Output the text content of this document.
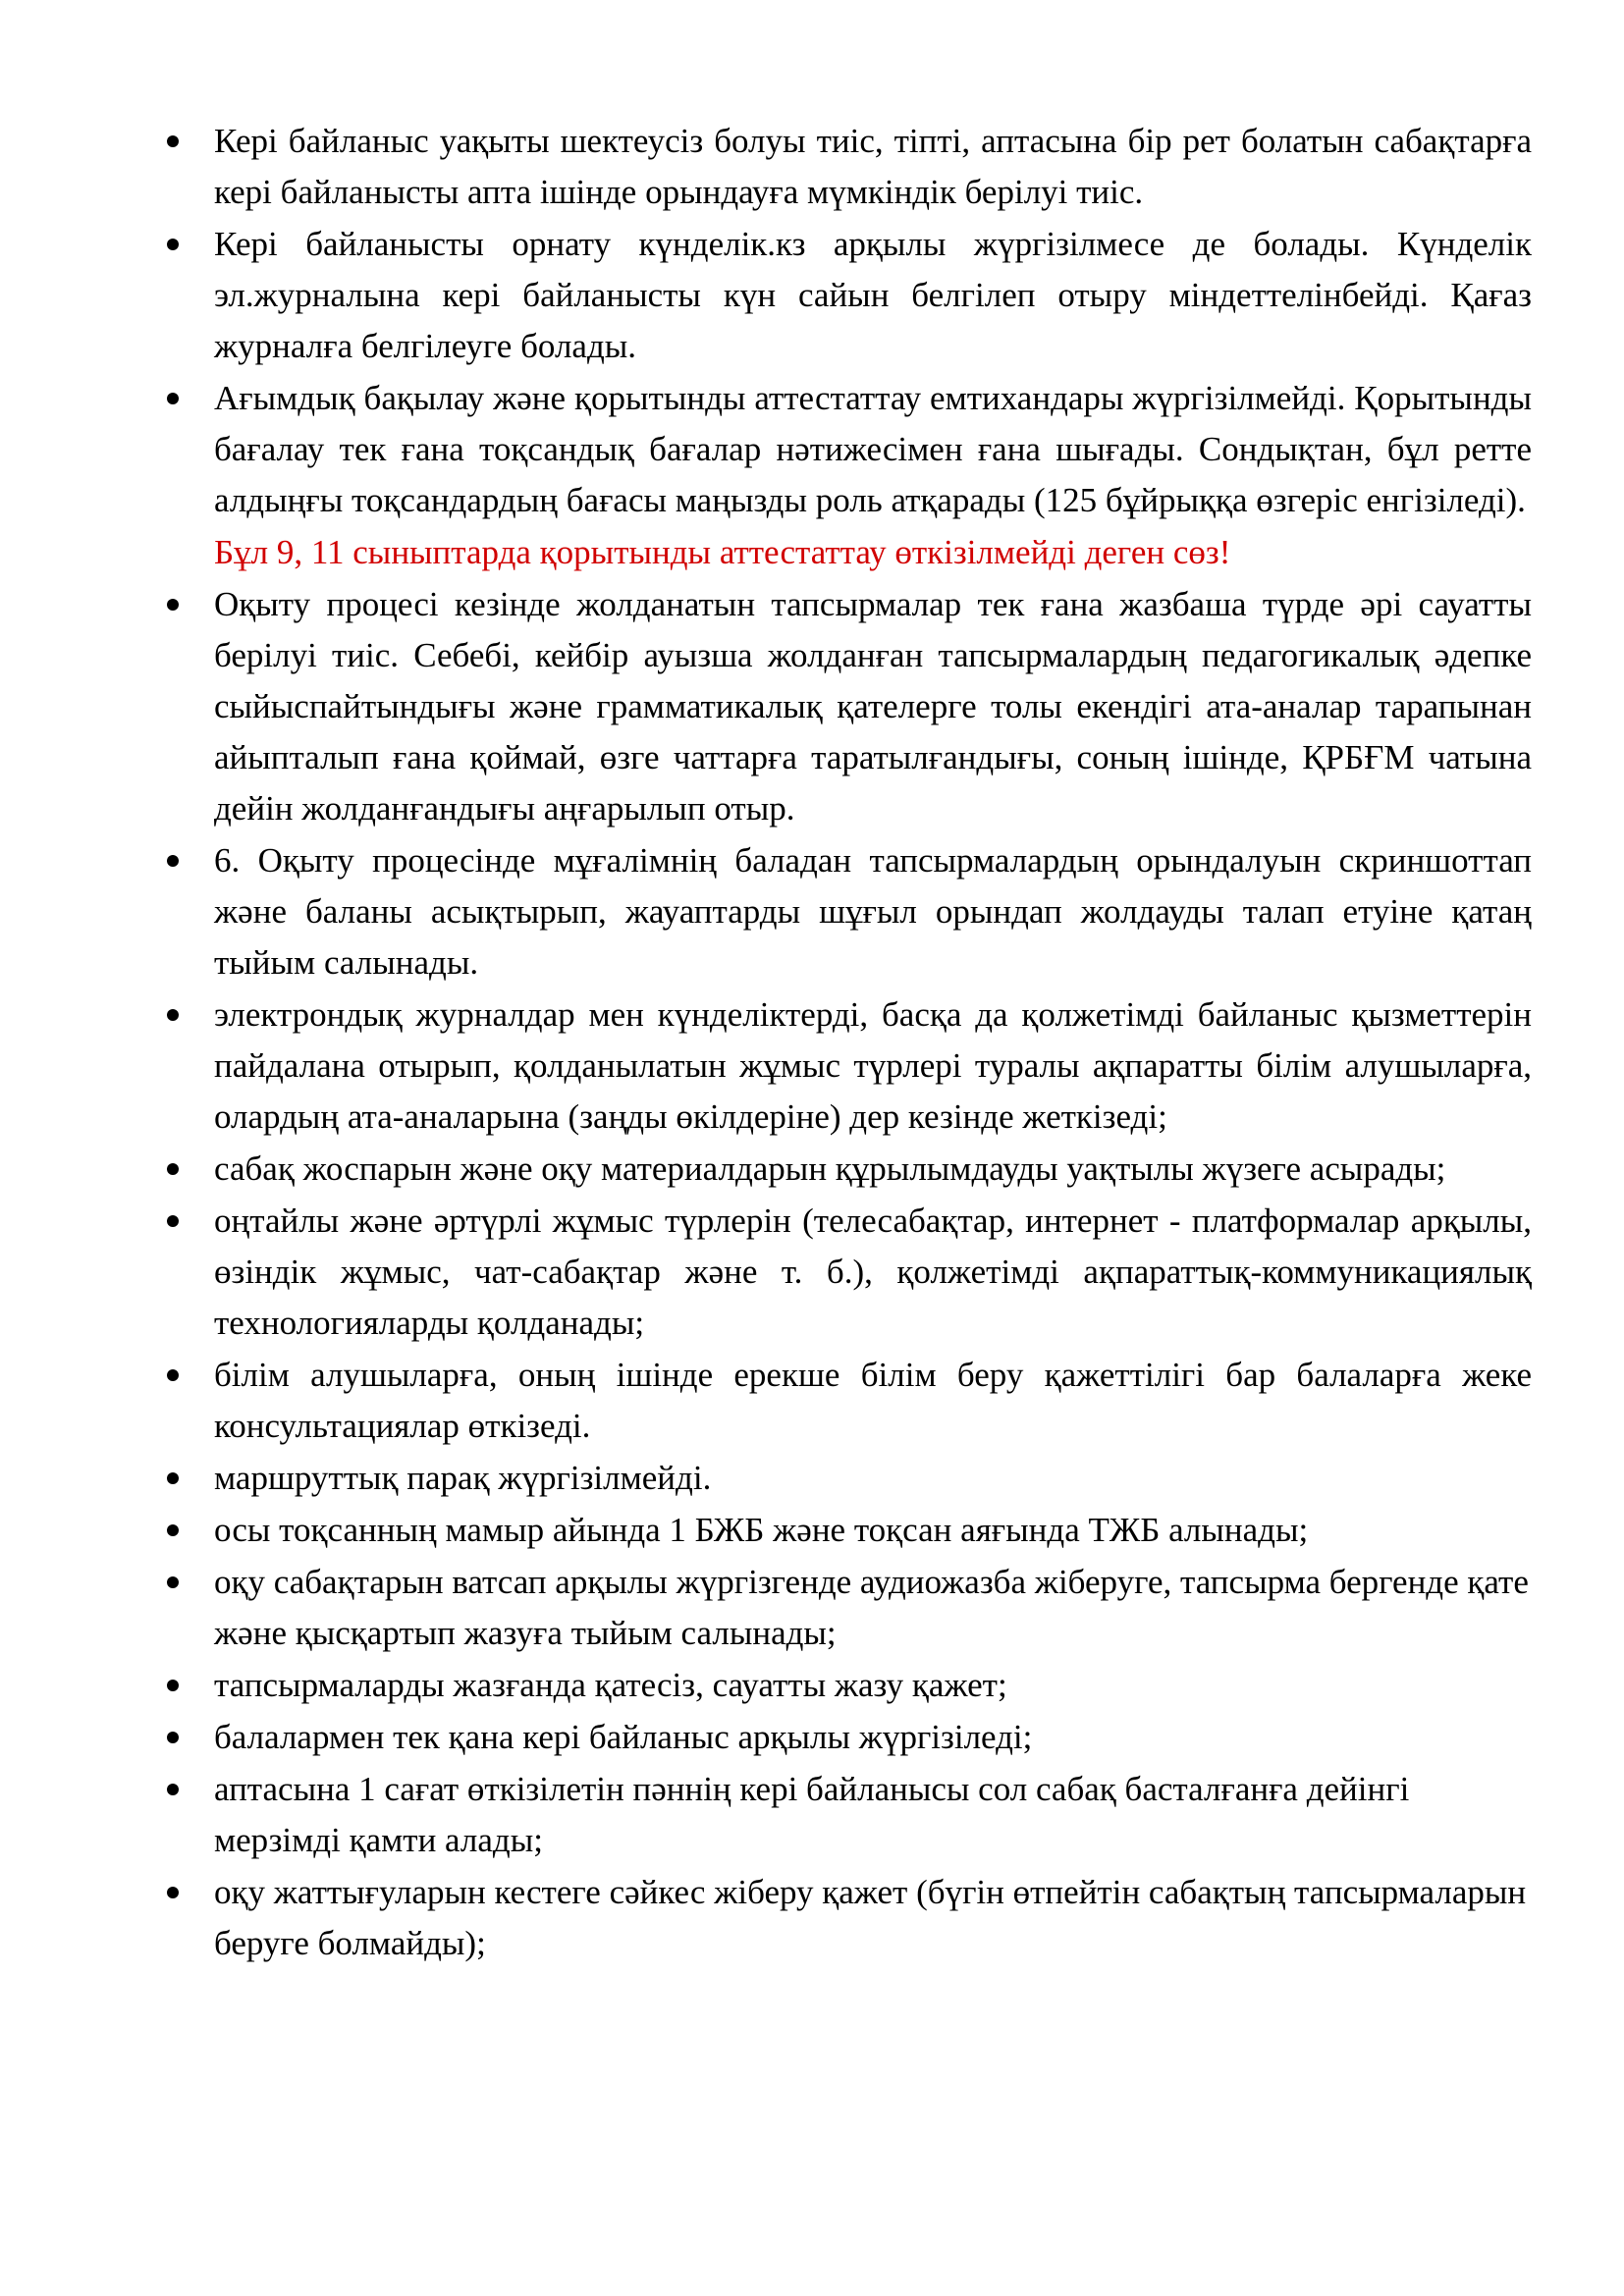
Кері байланыс уақыты шектеусіз болуы тиіс, тіпті, аптасына бір рет болатын сабақтарға кері байланысты апта ішінде орындауға мүмкіндік берілуі тиіс.
Кері байланысты орнату күнделік.кз арқылы жүргізілмесе де болады. Күнделік эл.журналына кері байланысты күн сайын белгілеп отыру міндеттелінбейді. Қағаз журналға белгілеуге болады.
Ағымдық бақылау және қорытынды аттестаттау емтихандары жүргізілмейді. Қорытынды бағалау тек ғана тоқсандық бағалар нәтижесімен ғана шығады. Сондықтан, бұл ретте алдыңғы тоқсандардың бағасы маңызды роль атқарады (125 бұйрыққа өзгеріс енгізіледі).
Бұл 9, 11 сыныптарда қорытынды аттестаттау өткізілмейді деген сөз!
Оқыту процесі кезінде жолданатын тапсырмалар тек ғана жазбаша түрде әрі сауатты берілуі тиіс. Себебі, кейбір ауызша жолданған тапсырмалардың педагогикалық әдепке сыйыспайтындығы және грамматикалық қателерге толы екендігі ата-аналар тарапынан айыпталып ғана қоймай, өзге чаттарға таратылғандығы, соның ішінде, ҚРБҒМ чатына дейін жолданғандығы аңғарылып отыр.
6. Оқыту процесінде мұғалімнің баладан тапсырмалардың орындалуын скриншоттап және баланы асықтырып, жауаптарды шұғыл орындап жолдауды талап етуіне қатаң тыйым салынады.
электрондық журналдар мен күнделіктерді, басқа да қолжетімді байланыс қызметтерін пайдалана отырып, қолданылатын жұмыс түрлері туралы ақпаратты білім алушыларға, олардың ата-аналарына (заңды өкілдеріне) дер кезінде жеткізеді;
сабақ жоспарын және оқу материалдарын құрылымдауды уақтылы жүзеге асырады;
оңтайлы және әртүрлі жұмыс түрлерін (телесабақтар, интернет - платформалар арқылы, өзіндік жұмыс, чат-сабақтар және т. б.), қолжетімді ақпараттық-коммуникациялық технологияларды қолданады;
білім алушыларға, оның ішінде ерекше білім беру қажеттілігі бар балаларға жеке консультациялар өткізеді.
маршруттық парақ жүргізілмейді.
осы тоқсанның мамыр айында 1 БЖБ және тоқсан аяғында ТЖБ алынады;
оқу сабақтарын ватсап арқылы жүргізгенде аудиожазба жіберуге, тапсырма бергенде қате және қысқартып жазуға тыйым салынады;
тапсырмаларды жазғанда қатесіз, сауатты жазу қажет;
балалармен тек қана кері байланыс арқылы жүргізіледі;
аптасына 1 сағат өткізілетін пәннің кері байланысы сол сабақ басталғанға дейінгі мерзімді қамти алады;
оқу жаттығуларын кестеге сәйкес жіберу қажет (бүгін өтпейтін сабақтың тапсырмаларын беруге болмайды);
